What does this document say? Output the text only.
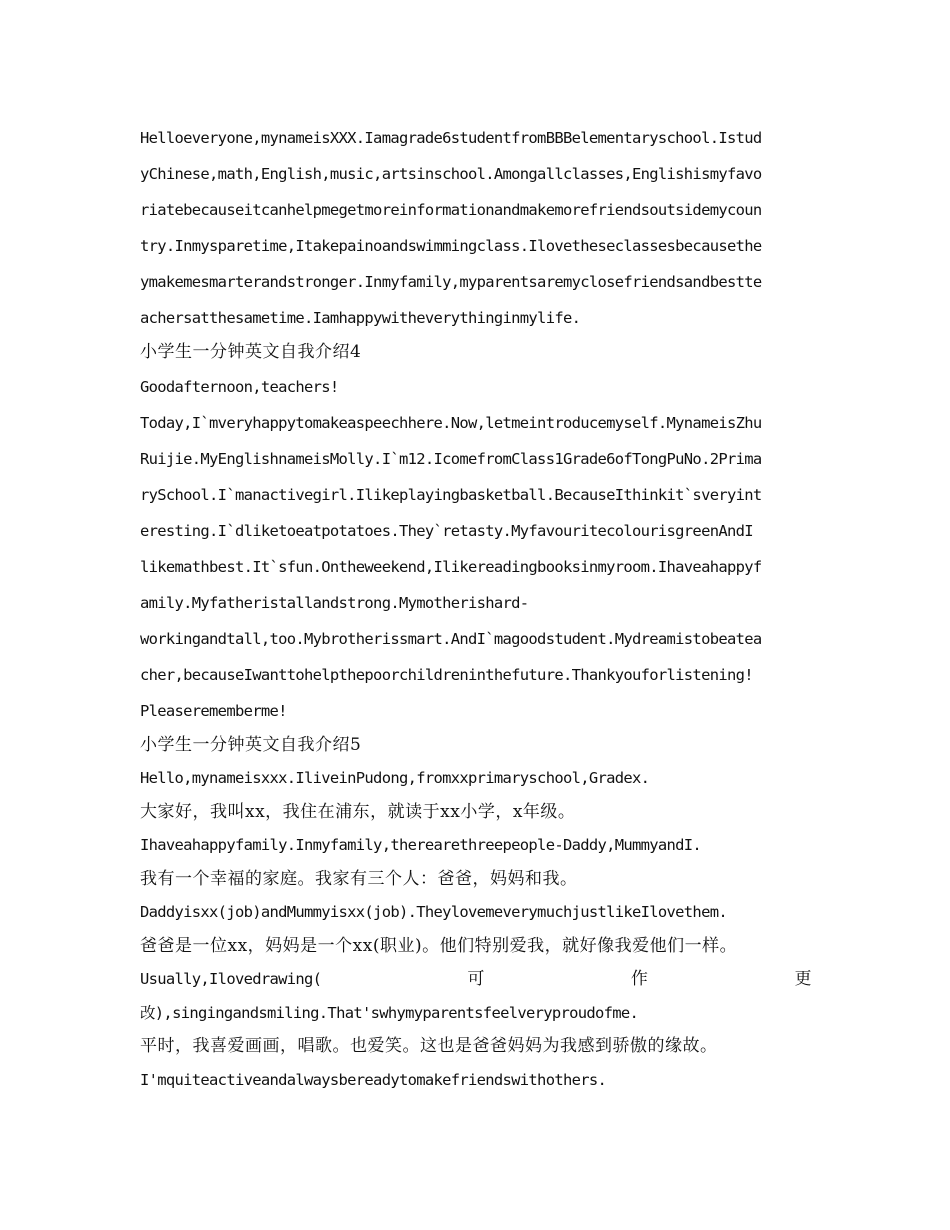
Helloeveryone,mynameisXXX.Iamagrade6studentfromBBBelementaryschool.Istud

yChinese,math,English,music,artsinschool.Amongallclasses,Englishismyfavo

riatebecauseitcanhelpmegetmoreinformationandmakemorefriendsoutsidemycoun

try.Inmysparetime,Itakepainoandswimmingclass.Ilovetheseclassesbecausethe

ymakemesmarterandstronger.Inmyfamily,myparentsaremyclosefriendsandbestte

achersatthesametime.Iamhappywitheverythinginmylife.

小学生一分钟英文自我介绍4

Goodafternoon,teachers!

Today,I`mveryhappytomakeaspeechhere.Now,letmeintroducemyself.MynameisZhu

Ruijie.MyEnglishnameisMolly.I`m12.IcomefromClass1Grade6ofTongPuNo.2Prima

rySchool.I`manactivegirl.Ilikeplayingbasketball.BecauseIthinkit`sveryint

eresting.I`dliketoeatpotatoes.They`retasty.MyfavouritecolourisgreenAndI

likemathbest.It`sfun.Ontheweekend,Ilikereadingbooksinmyroom.Ihaveahappyf

amily.Myfatheristallandstrong.Mymotherishard-

workingandtall,too.Mybrotherissmart.AndI`magoodstudent.Mydreamistobeatea

cher,becauseIwanttohelpthepoorchildreninthefuture.Thankyouforlistening!

Pleaserememberme!

小学生一分钟英文自我介绍5

Hello,mynameisxxx.IliveinPudong,fromxxprimaryschool,Gradex.

大家好，我叫xx，我住在浦东，就读于xx小学，x年级。

Ihaveahappyfamily.Inmyfamily,therearethreepeople-Daddy,MummyandI.

我有一个幸福的家庭。我家有三个人：爸爸，妈妈和我。

Daddyisxx(job)andMummyisxx(job).TheylovemeverymuchjustlikeIlovethem.

爸爸是一位xx，妈妈是一个xx(职业)。他们特别爱我，就好像我爱他们一样。

Usually,Ilovedrawing(	可	作	更

改),singingandsmiling.That'swhymyparentsfeelveryproudofme.

平时，我喜爱画画，唱歌。也爱笑。这也是爸爸妈妈为我感到骄傲的缘故。

I'mquiteactiveandalwaysbereadytomakefriendswithothers.
